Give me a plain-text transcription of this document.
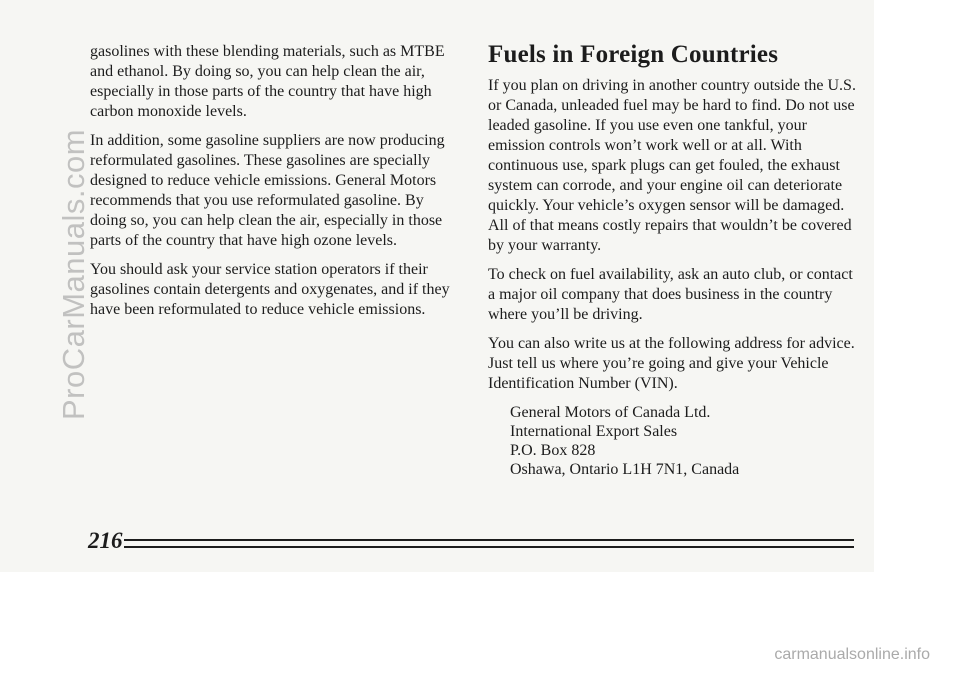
gasolines with these blending materials, such as MTBE and ethanol. By doing so, you can help clean the air, especially in those parts of the country that have high carbon monoxide levels.

In addition, some gasoline suppliers are now producing reformulated gasolines. These gasolines are specially designed to reduce vehicle emissions. General Motors recommends that you use reformulated gasoline. By doing so, you can help clean the air, especially in those parts of the country that have high ozone levels.

You should ask your service station operators if their gasolines contain detergents and oxygenates, and if they have been reformulated to reduce vehicle emissions.

Fuels in Foreign Countries

If you plan on driving in another country outside the U.S. or Canada, unleaded fuel may be hard to find. Do not use leaded gasoline. If you use even one tankful, your emission controls won’t work well or at all. With continuous use, spark plugs can get fouled, the exhaust system can corrode, and your engine oil can deteriorate quickly. Your vehicle’s oxygen sensor will be damaged. All of that means costly repairs that wouldn’t be covered by your warranty.

To check on fuel availability, ask an auto club, or contact a major oil company that does business in the country where you’ll be driving.

You can also write us at the following address for advice. Just tell us where you’re going and give your Vehicle Identification Number (VIN).

General Motors of Canada Ltd.
International Export Sales
P.O. Box 828
Oshawa, Ontario L1H 7N1, Canada
216
ProCarManuals.com
carmanualsonline.info
